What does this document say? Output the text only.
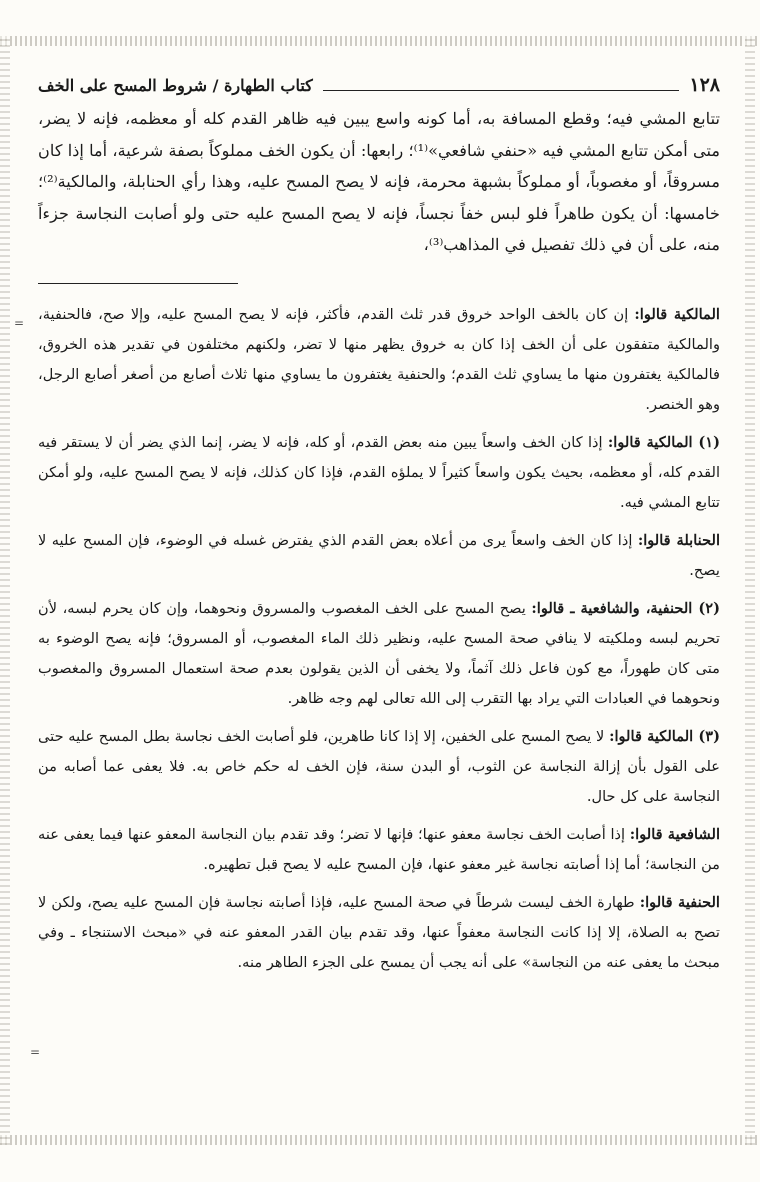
١٢٨
كتاب الطهارة / شروط المسح على الخف

تتابع المشي فيه؛ وقطع المسافة به، أما كونه واسع يبين فيه ظاهر القدم كله أو معظمه، فإنه لا يضر، متى أمكن تتابع المشي فيه «حنفي شافعي»⁽¹⁾؛ رابعها: أن يكون الخف مملوكاً بصفة شرعية، أما إذا كان مسروقاً، أو مغصوباً، أو مملوكاً بشبهة محرمة، فإنه لا يصح المسح عليه، وهذا رأي الحنابلة، والمالكية⁽²⁾؛ خامسها: أن يكون طاهراً فلو لبس خفاً نجساً، فإنه لا يصح المسح عليه حتى ولو أصابت النجاسة جزءاً منه، على أن في ذلك تفصيل في المذاهب⁽³⁾،

المالكية قالوا: إن كان بالخف الواحد خروق قدر ثلث القدم، فأكثر، فإنه لا يصح المسح عليه، وإلا صح، فالحنفية، والمالكية متفقون على أن الخف إذا كان به خروق يظهر منها لا تضر، ولكنهم مختلفون في تقدير هذه الخروق، فالمالكية يغتفرون منها ما يساوي ثلث القدم؛ والحنفية يغتفرون ما يساوي منها ثلاث أصابع من أصغر أصابع الرجل، وهو الخنصر.

(١) المالكية قالوا: إذا كان الخف واسعاً يبين منه بعض القدم، أو كله، فإنه لا يضر، إنما الذي يضر أن لا يستقر فيه القدم كله، أو معظمه، بحيث يكون واسعاً كثيراً لا يملؤه القدم، فإذا كان كذلك، فإنه لا يصح المسح عليه، ولو أمكن تتابع المشي فيه.

الحنابلة قالوا: إذا كان الخف واسعاً يرى من أعلاه بعض القدم الذي يفترض غسله في الوضوء، فإن المسح عليه لا يصح.

(٢) الحنفية، والشافعية ـ قالوا: يصح المسح على الخف المغصوب والمسروق ونحوهما، وإن كان يحرم لبسه، لأن تحريم لبسه وملكيته لا ينافي صحة المسح عليه، ونظير ذلك الماء المغصوب، أو المسروق؛ فإنه يصح الوضوء به متى كان طهوراً، مع كون فاعل ذلك آثماً، ولا يخفى أن الذين يقولون بعدم صحة استعمال المسروق والمغصوب ونحوهما في العبادات التي يراد بها التقرب إلى الله تعالى لهم وجه ظاهر.

(٣) المالكية قالوا: لا يصح المسح على الخفين، إلا إذا كانا طاهرين، فلو أصابت الخف نجاسة بطل المسح عليه حتى على القول بأن إزالة النجاسة عن الثوب، أو البدن سنة، فإن الخف له حكم خاص به. فلا يعفى عما أصابه من النجاسة على كل حال.

الشافعية قالوا: إذا أصابت الخف نجاسة معفو عنها؛ فإنها لا تضر؛ وقد تقدم بيان النجاسة المعفو عنها فيما يعفى عنه من النجاسة؛ أما إذا أصابته نجاسة غير معفو عنها، فإن المسح عليه لا يصح قبل تطهيره.

الحنفية قالوا: طهارة الخف ليست شرطاً في صحة المسح عليه، فإذا أصابته نجاسة فإن المسح عليه يصح، ولكن لا تصح به الصلاة، إلا إذا كانت النجاسة معفواً عنها، وقد تقدم بيان القدر المعفو عنه في «مبحث الاستنجاء ـ وفي مبحث ما يعفى عنه من النجاسة» على أنه يجب أن يمسح على الجزء الطاهر منه.

=
=
